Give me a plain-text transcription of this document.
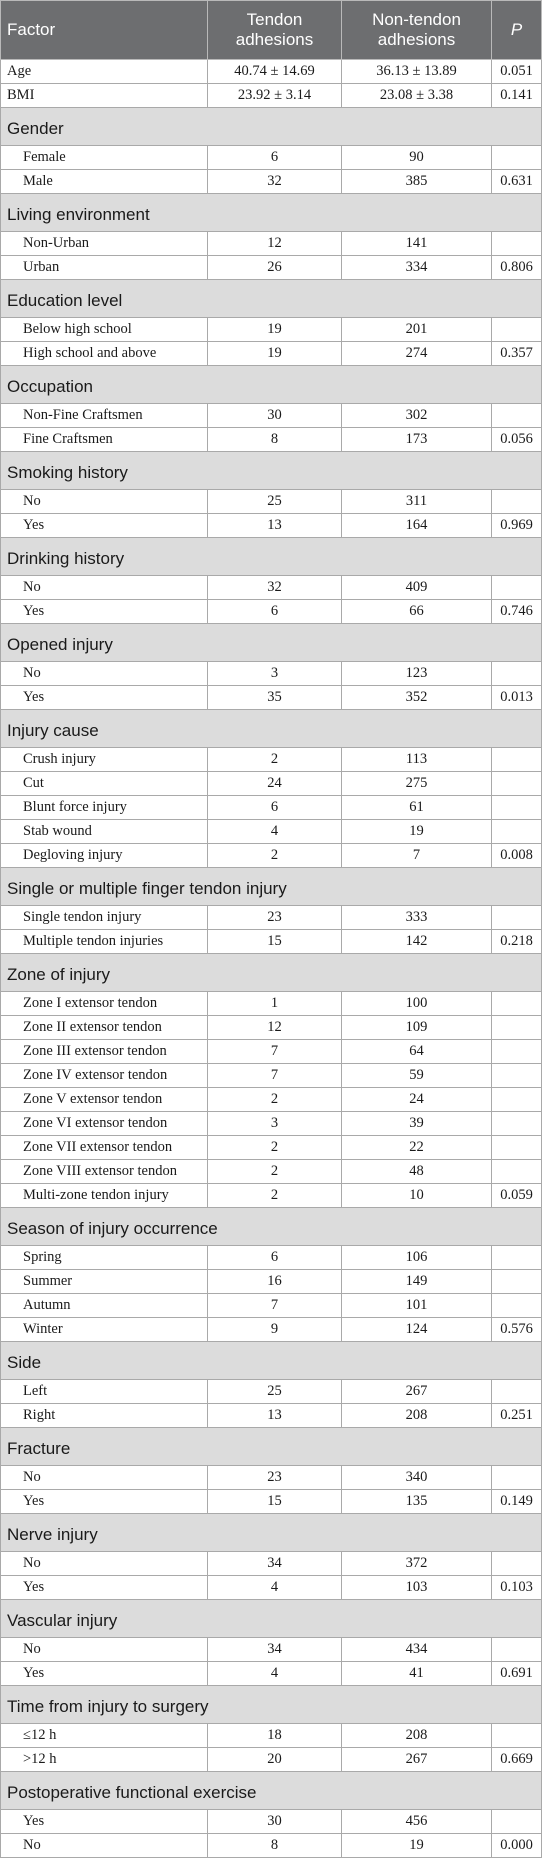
Factor	Tendon adhesions	Non-tendon adhesions	P
Age	40.74 ± 14.69	36.13 ± 13.89	0.051
BMI	23.92 ± 3.14	23.08 ± 3.38	0.141
Gender			
Female	6	90	
Male	32	385	0.631
Living environment			
Non-Urban	12	141	
Urban	26	334	0.806
Education level			
Below high school	19	201	
High school and above	19	274	0.357
Occupation			
Non-Fine Craftsmen	30	302	
Fine Craftsmen	8	173	0.056
Smoking history			
No	25	311	
Yes	13	164	0.969
Drinking history			
No	32	409	
Yes	6	66	0.746
Opened injury			
No	3	123	
Yes	35	352	0.013
Injury cause			
Crush injury	2	113	
Cut	24	275	
Blunt force injury	6	61	
Stab wound	4	19	
Degloving injury	2	7	0.008
Single or multiple finger tendon injury			
Single tendon injury	23	333	
Multiple tendon injuries	15	142	0.218
Zone of injury			
Zone I extensor tendon	1	100	
Zone II extensor tendon	12	109	
Zone III extensor tendon	7	64	
Zone IV extensor tendon	7	59	
Zone V extensor tendon	2	24	
Zone VI extensor tendon	3	39	
Zone VII extensor tendon	2	22	
Zone VIII extensor tendon	2	48	
Multi-zone tendon injury	2	10	0.059
Season of injury occurrence			
Spring	6	106	
Summer	16	149	
Autumn	7	101	
Winter	9	124	0.576
Side			
Left	25	267	
Right	13	208	0.251
Fracture			
No	23	340	
Yes	15	135	0.149
Nerve injury			
No	34	372	
Yes	4	103	0.103
Vascular injury			
No	34	434	
Yes	4	41	0.691
Time from injury to surgery			
≤12 h	18	208	
>12 h	20	267	0.669
Postoperative functional exercise			
Yes	30	456	
No	8	19	0.000
